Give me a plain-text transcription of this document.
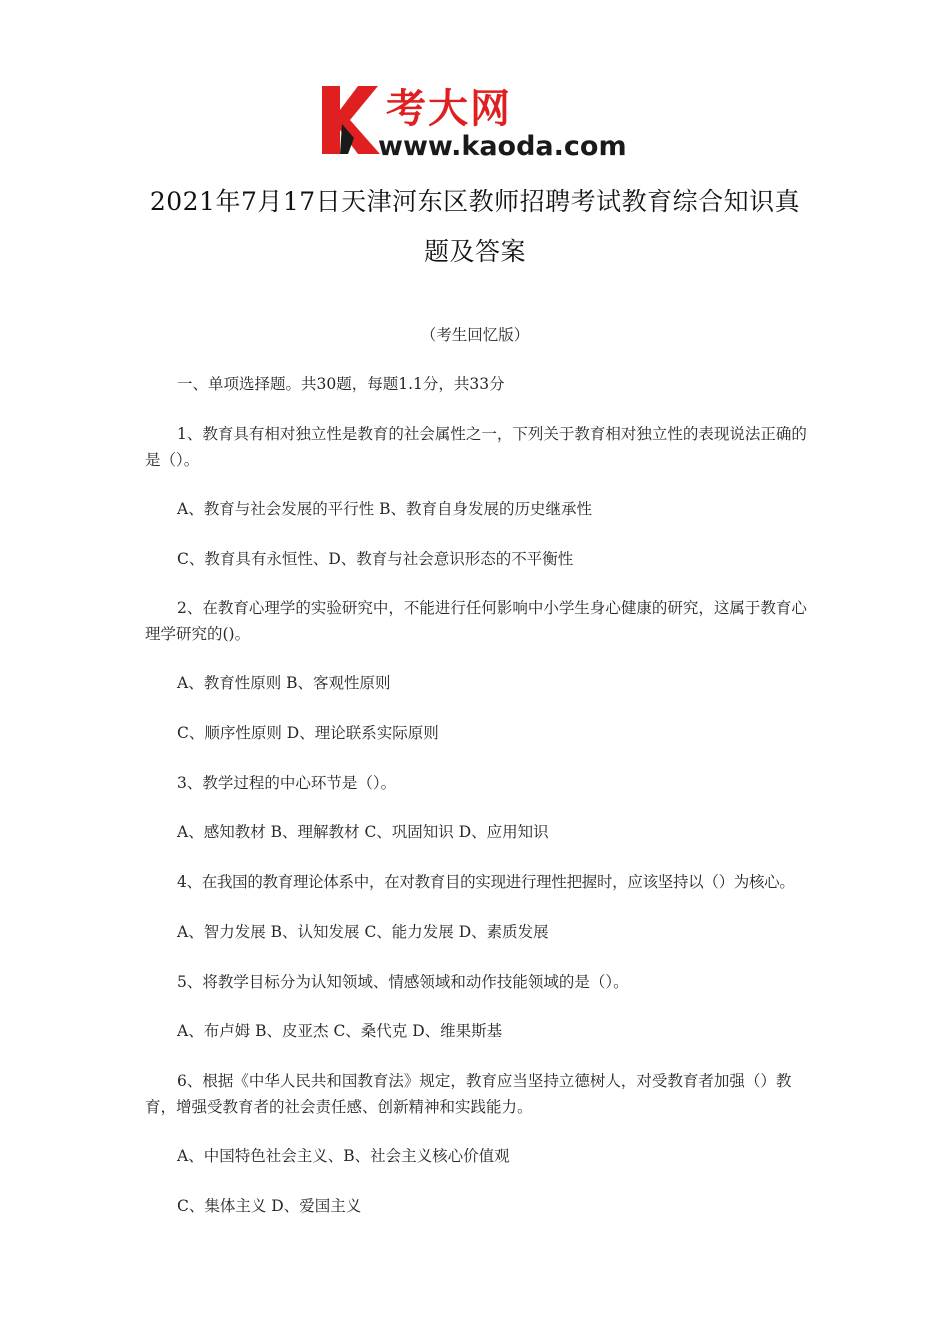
考大网
www.kaoda.com
2021年7月17日天津河东区教师招聘考试教育综合知识真
题及答案
（考生回忆版）
一、单项选择题。共30题，每题1.1分，共33分
1、教育具有相对独立性是教育的社会属性之一，下列关于教育相对独立性的表现说法正确的是（）。
A、教育与社会发展的平行性 B、教育自身发展的历史继承性
C、教育具有永恒性、D、教育与社会意识形态的不平衡性
2、在教育心理学的实验研究中，不能进行任何影响中小学生身心健康的研究，这属于教育心理学研究的()。
A、教育性原则 B、客观性原则
C、顺序性原则 D、理论联系实际原则
3、教学过程的中心环节是（）。
A、感知教材 B、理解教材 C、巩固知识 D、应用知识
4、在我国的教育理论体系中，在对教育目的实现进行理性把握时，应该坚持以（）为核心。
A、智力发展 B、认知发展 C、能力发展 D、素质发展
5、将教学目标分为认知领域、情感领域和动作技能领域的是（）。
A、布卢姆 B、皮亚杰 C、桑代克 D、维果斯基
6、根据《中华人民共和国教育法》规定，教育应当坚持立德树人，对受教育者加强（）教育，增强受教育者的社会责任感、创新精神和实践能力。
A、中国特色社会主义、B、社会主义核心价值观
C、集体主义 D、爱国主义
